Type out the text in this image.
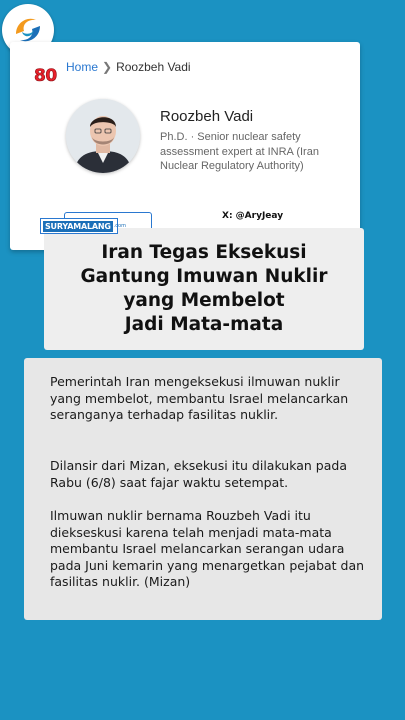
80 Home ❯ Roozbeh Vadi
Roozbeh Vadi
Ph.D. · Senior nuclear safety assessment expert at INRA (Iran Nuclear Regulatory Authority)
X: @AryJeay
SURYAMALANG .com
Iran Tegas Eksekusi
Gantung Imuwan Nuklir
yang Membelot
Jadi Mata-mata

Pemerintah Iran mengeksekusi ilmuwan nuklir yang membelot, membantu Israel melancarkan seranganya terhadap fasilitas nuklir.

Dilansir dari Mizan, eksekusi itu dilakukan pada Rabu (6/8) saat fajar waktu setempat.

Ilmuwan nuklir bernama Rouzbeh Vadi itu diekseskusi karena telah menjadi mata-mata membantu Israel melancarkan serangan udara pada Juni kemarin yang menargetkan pejabat dan fasilitas nuklir. (Mizan)
